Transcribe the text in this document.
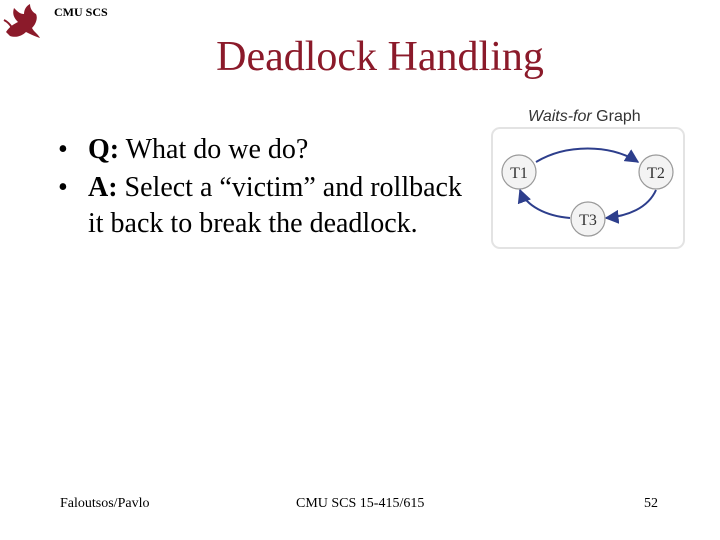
CMU SCS
Deadlock Handling
• Q: What do we do?
• A: Select a “victim” and rollback it back to break the deadlock.
Waits-for Graph
T1	T2
T3
Faloutsos/Pavlo	CMU SCS 15-415/615	52
